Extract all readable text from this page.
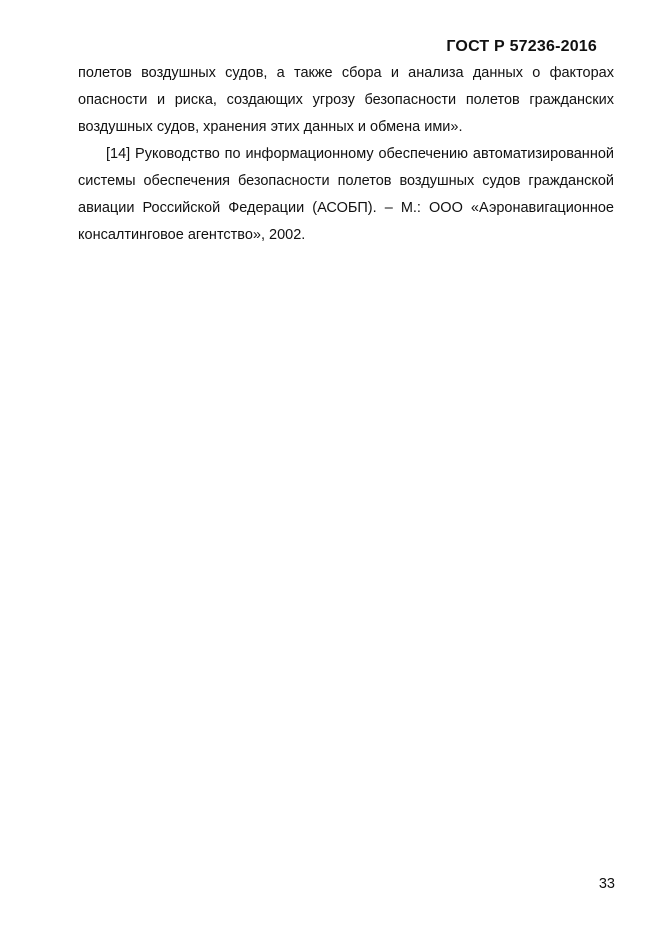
ГОСТ Р 57236-2016

полетов воздушных судов, а также сбора и анализа данных о факторах опасности и риска, создающих угрозу безопасности полетов гражданских воздушных судов, хранения этих данных и обмена ими».

[14] Руководство по информационному обеспечению автоматизированной системы обеспечения безопасности полетов воздушных судов гражданской авиации Российской Федерации (АСОБП). – М.: ООО «Аэронавигационное консалтинговое агентство», 2002.

33
